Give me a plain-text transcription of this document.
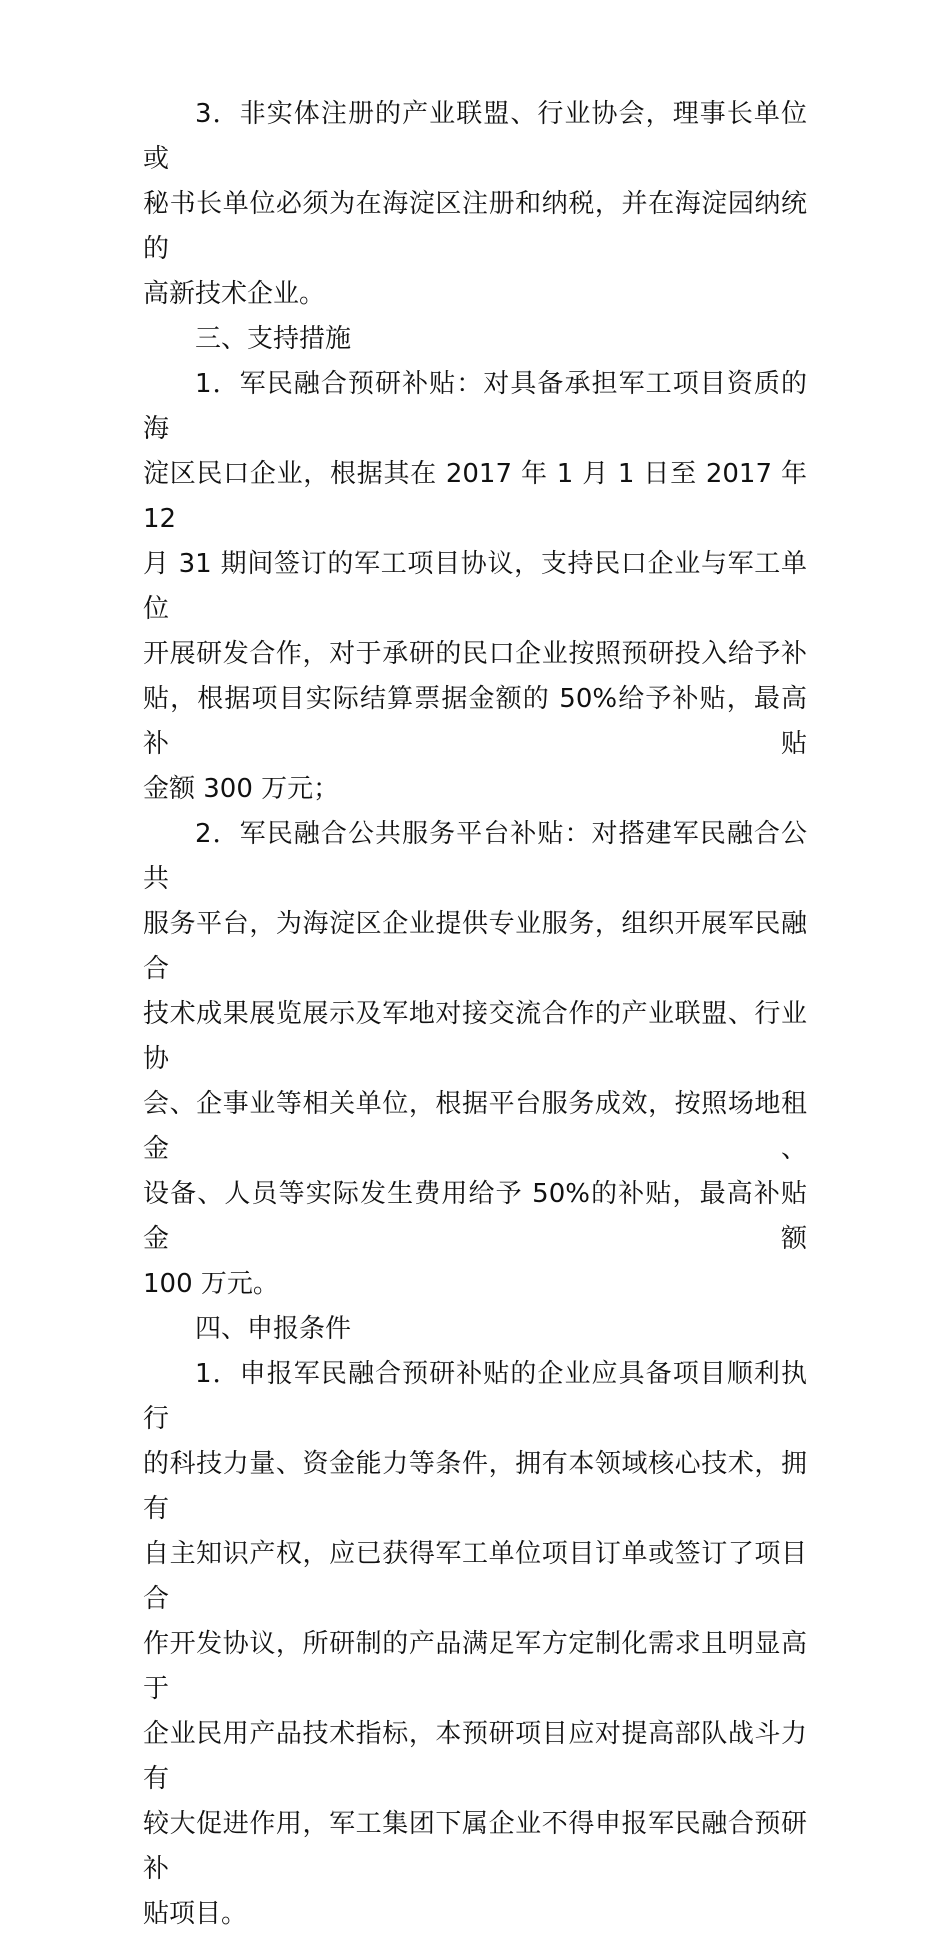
3．非实体注册的产业联盟、行业协会，理事长单位或
秘书长单位必须为在海淀区注册和纳税，并在海淀园纳统的
高新技术企业。
三、支持措施
1．军民融合预研补贴：对具备承担军工项目资质的海
淀区民口企业，根据其在 2017 年 1 月 1 日至 2017 年 12
月 31 期间签订的军工项目协议，支持民口企业与军工单位
开展研发合作，对于承研的民口企业按照预研投入给予补
贴，根据项目实际结算票据金额的 50%给予补贴，最高补贴
金额 300 万元；
2．军民融合公共服务平台补贴：对搭建军民融合公共
服务平台，为海淀区企业提供专业服务，组织开展军民融合
技术成果展览展示及军地对接交流合作的产业联盟、行业协
会、企事业等相关单位，根据平台服务成效，按照场地租金、
设备、人员等实际发生费用给予 50%的补贴，最高补贴金额
100 万元。
四、申报条件
1．申报军民融合预研补贴的企业应具备项目顺利执行
的科技力量、资金能力等条件，拥有本领域核心技术，拥有
自主知识产权，应已获得军工单位项目订单或签订了项目合
作开发协议，所研制的产品满足军方定制化需求且明显高于
企业民用产品技术指标，本预研项目应对提高部队战斗力有
较大促进作用，军工集团下属企业不得申报军民融合预研补
贴项目。
